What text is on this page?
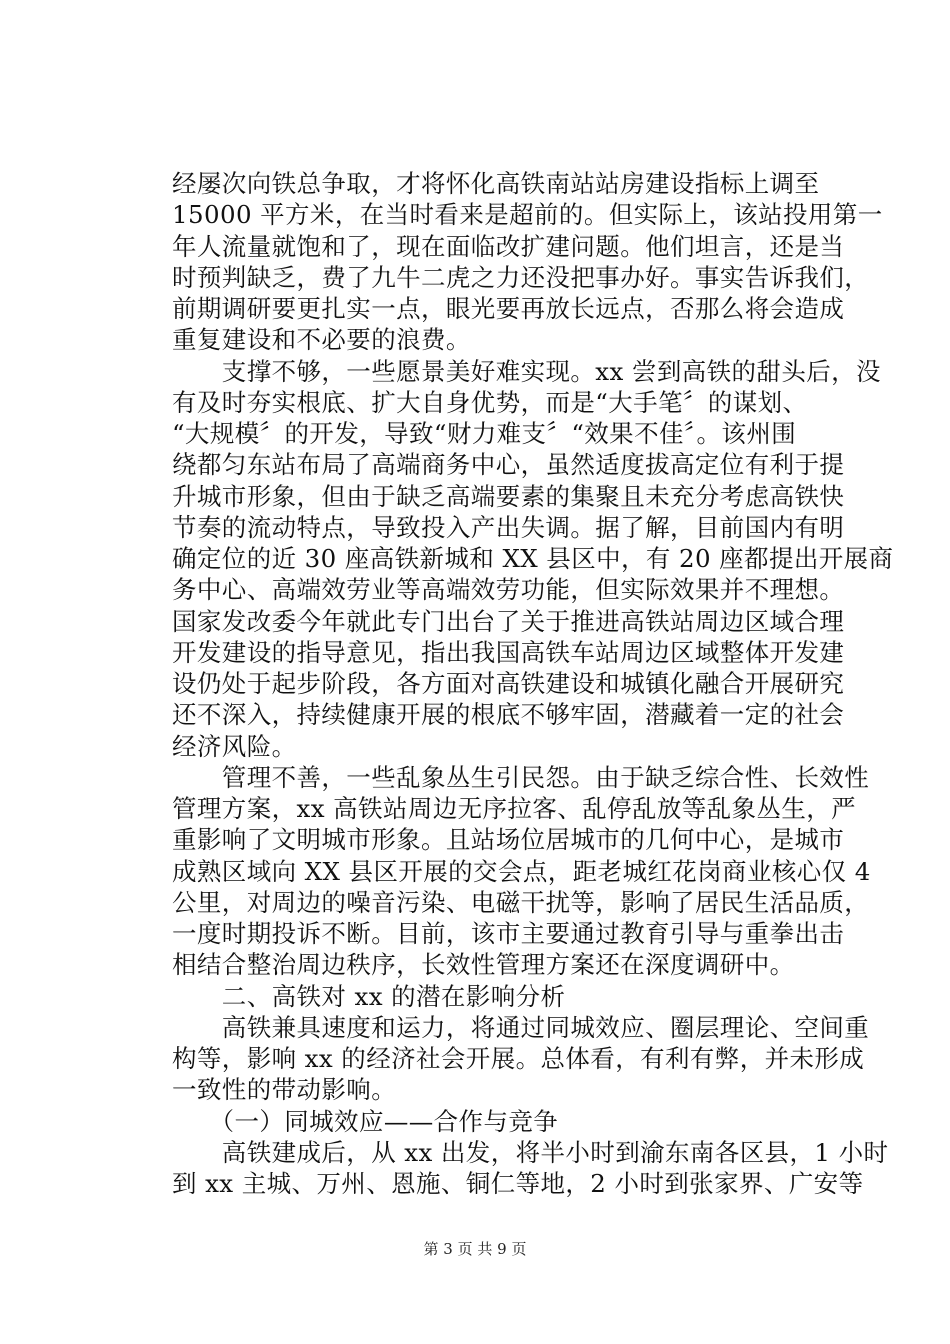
经屡次向铁总争取，才将怀化高铁南站站房建设指标上调至
15000 平方米，在当时看来是超前的。但实际上，该站投用第一
年人流量就饱和了，现在面临改扩建问题。他们坦言，还是当
时预判缺乏，费了九牛二虎之力还没把事办好。事实告诉我们，
前期调研要更扎实一点，眼光要再放长远点，否那么将会造成
重复建设和不必要的浪费。
　　支撑不够，一些愿景美好难实现。xx 尝到高铁的甜头后，没
有及时夯实根底、扩大自身优势，而是“大手笔〞的谋划、
“大规模〞的开发，导致“财力难支〞“效果不佳〞。该州围
绕都匀东站布局了高端商务中心，虽然适度拔高定位有利于提
升城市形象，但由于缺乏高端要素的集聚且未充分考虑高铁快
节奏的流动特点，导致投入产出失调。据了解，目前国内有明
确定位的近 30 座高铁新城和 XX 县区中，有 20 座都提出开展商
务中心、高端效劳业等高端效劳功能，但实际效果并不理想。
国家发改委今年就此专门出台了关于推进高铁站周边区域合理
开发建设的指导意见，指出我国高铁车站周边区域整体开发建
设仍处于起步阶段，各方面对高铁建设和城镇化融合开展研究
还不深入，持续健康开展的根底不够牢固，潜藏着一定的社会
经济风险。
　　管理不善，一些乱象丛生引民怨。由于缺乏综合性、长效性
管理方案，xx 高铁站周边无序拉客、乱停乱放等乱象丛生，严
重影响了文明城市形象。且站场位居城市的几何中心，是城市
成熟区域向 XX 县区开展的交会点，距老城红花岗商业核心仅 4
公里，对周边的噪音污染、电磁干扰等，影响了居民生活品质，
一度时期投诉不断。目前，该市主要通过教育引导与重拳出击
相结合整治周边秩序，长效性管理方案还在深度调研中。
　　二、高铁对 xx 的潜在影响分析
　　高铁兼具速度和运力，将通过同城效应、圈层理论、空间重
构等，影响 xx 的经济社会开展。总体看，有利有弊，并未形成
一致性的带动影响。
　　（一）同城效应——合作与竞争
　　高铁建成后，从 xx 出发，将半小时到渝东南各区县，1 小时
到 xx 主城、万州、恩施、铜仁等地，2 小时到张家界、广安等
第 3 页 共 9 页
